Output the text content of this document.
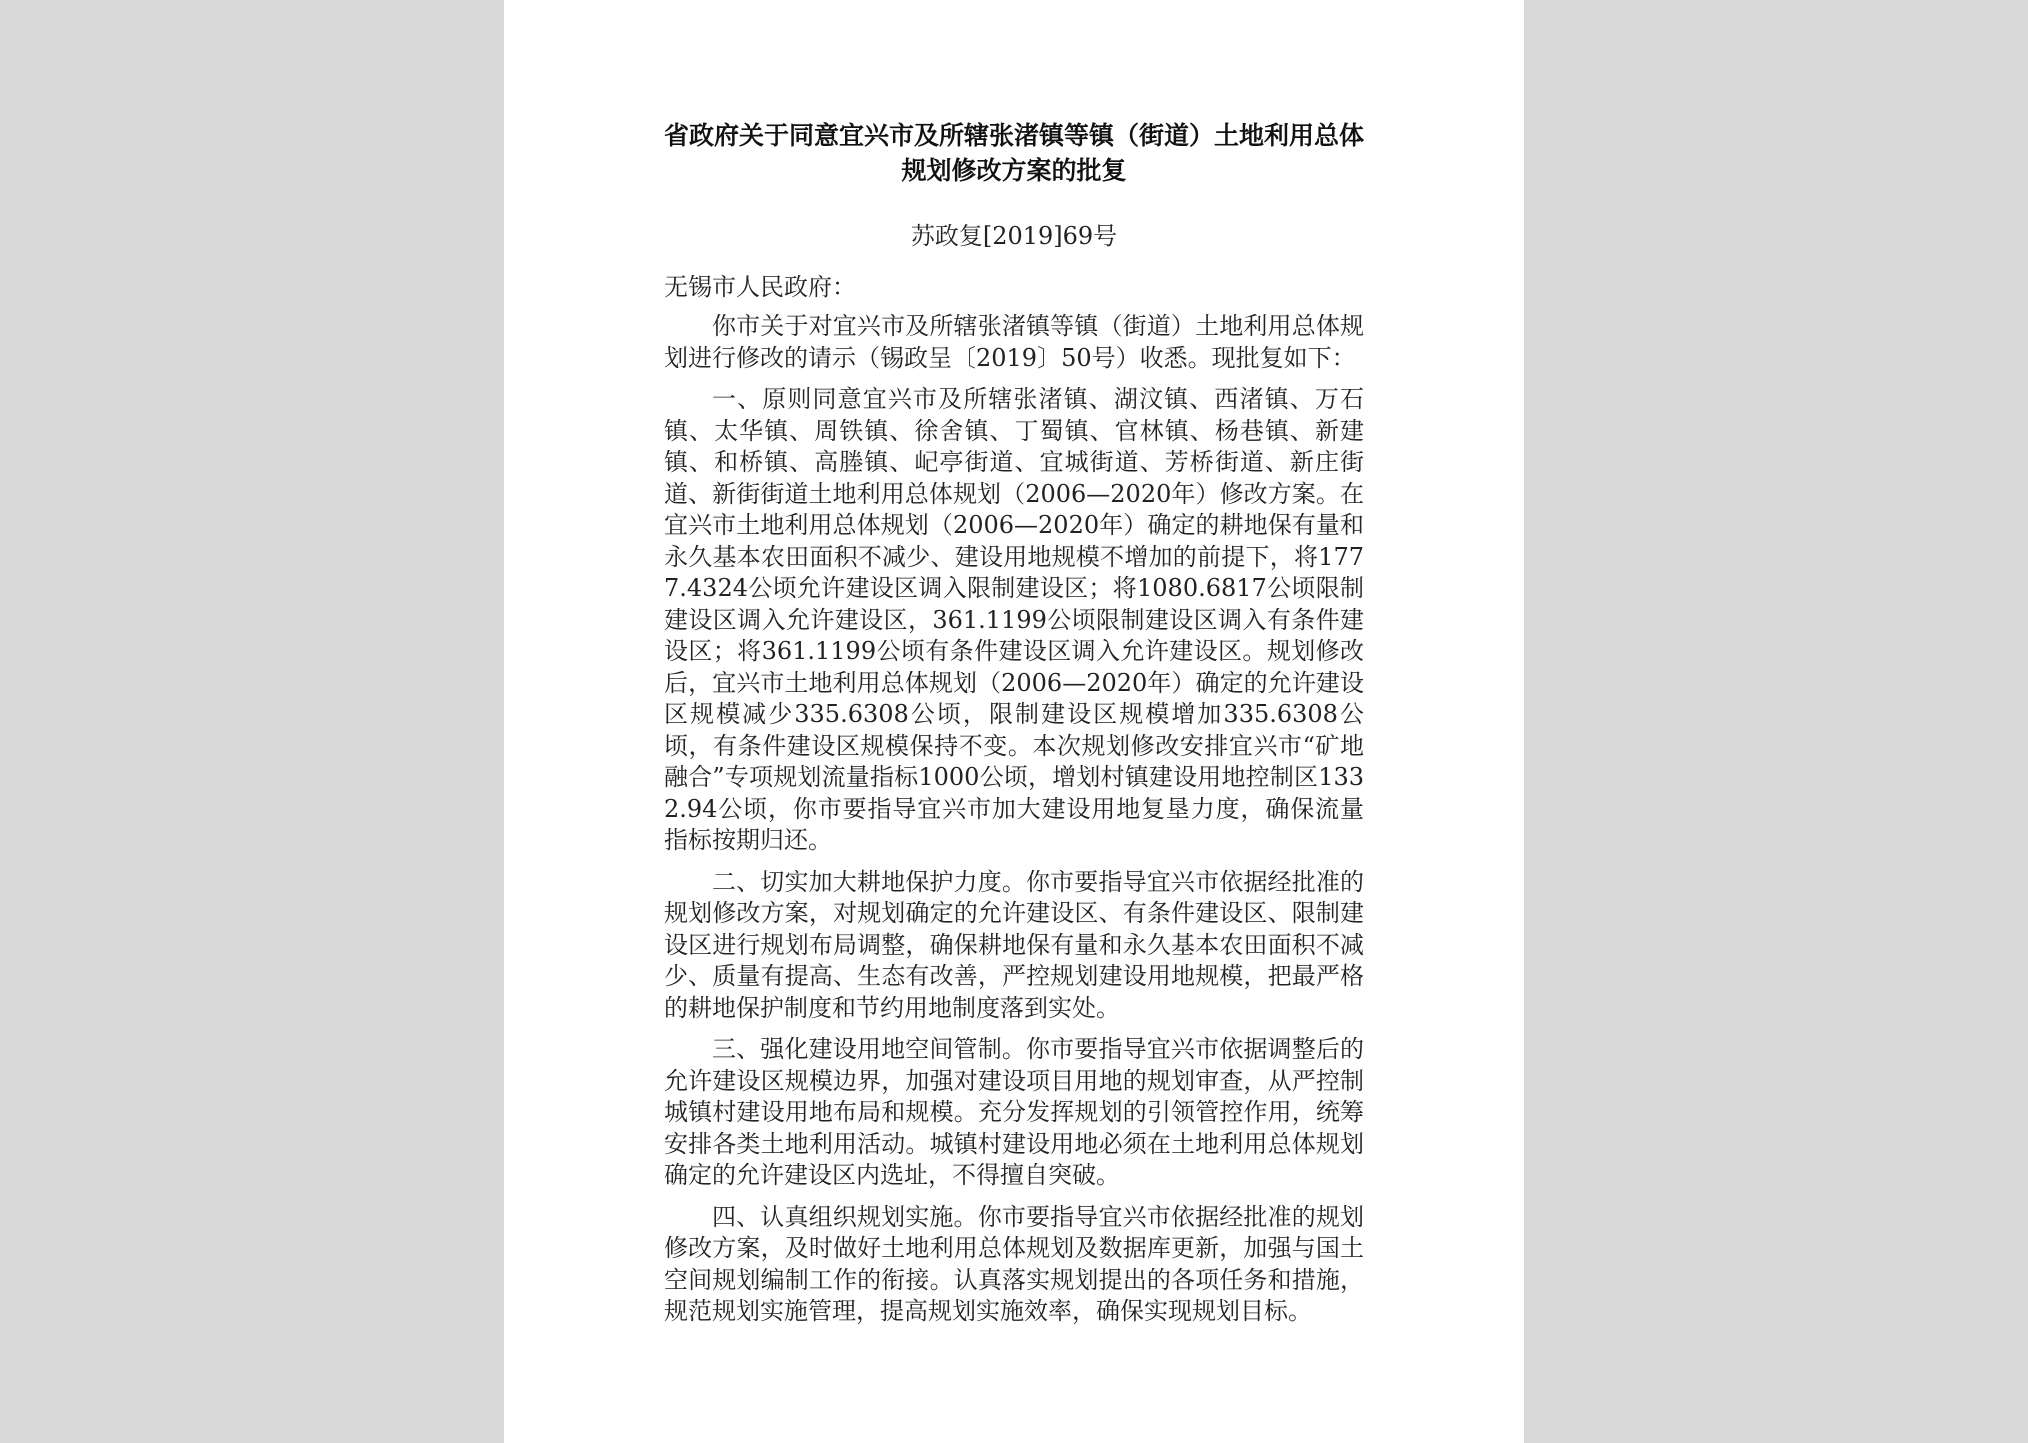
省政府关于同意宜兴市及所辖张渚镇等镇（街道）土地利用总体规划修改方案的批复
苏政复[2019]69号
无锡市人民政府：

你市关于对宜兴市及所辖张渚镇等镇（街道）土地利用总体规划进行修改的请示（锡政呈〔2019〕50号）收悉。现批复如下：

一、原则同意宜兴市及所辖张渚镇、湖汶镇、西渚镇、万石镇、太华镇、周铁镇、徐舍镇、丁蜀镇、官林镇、杨巷镇、新建镇、和桥镇、高塍镇、屺亭街道、宜城街道、芳桥街道、新庄街道、新街街道土地利用总体规划（2006—2020年）修改方案。在宜兴市土地利用总体规划（2006—2020年）确定的耕地保有量和永久基本农田面积不减少、建设用地规模不增加的前提下，将1777.4324公顷允许建设区调入限制建设区；将1080.6817公顷限制建设区调入允许建设区，361.1199公顷限制建设区调入有条件建设区；将361.1199公顷有条件建设区调入允许建设区。规划修改后，宜兴市土地利用总体规划（2006—2020年）确定的允许建设区规模减少335.6308公顷，限制建设区规模增加335.6308公顷，有条件建设区规模保持不变。本次规划修改安排宜兴市“矿地融合”专项规划流量指标1000公顷，增划村镇建设用地控制区1332.94公顷，你市要指导宜兴市加大建设用地复垦力度，确保流量指标按期归还。

二、切实加大耕地保护力度。你市要指导宜兴市依据经批准的规划修改方案，对规划确定的允许建设区、有条件建设区、限制建设区进行规划布局调整，确保耕地保有量和永久基本农田面积不减少、质量有提高、生态有改善，严控规划建设用地规模，把最严格的耕地保护制度和节约用地制度落到实处。

三、强化建设用地空间管制。你市要指导宜兴市依据调整后的允许建设区规模边界，加强对建设项目用地的规划审查，从严控制城镇村建设用地布局和规模。充分发挥规划的引领管控作用，统筹安排各类土地利用活动。城镇村建设用地必须在土地利用总体规划确定的允许建设区内选址，不得擅自突破。

四、认真组织规划实施。你市要指导宜兴市依据经批准的规划修改方案，及时做好土地利用总体规划及数据库更新，加强与国土空间规划编制工作的衔接。认真落实规划提出的各项任务和措施，规范规划实施管理，提高规划实施效率，确保实现规划目标。
